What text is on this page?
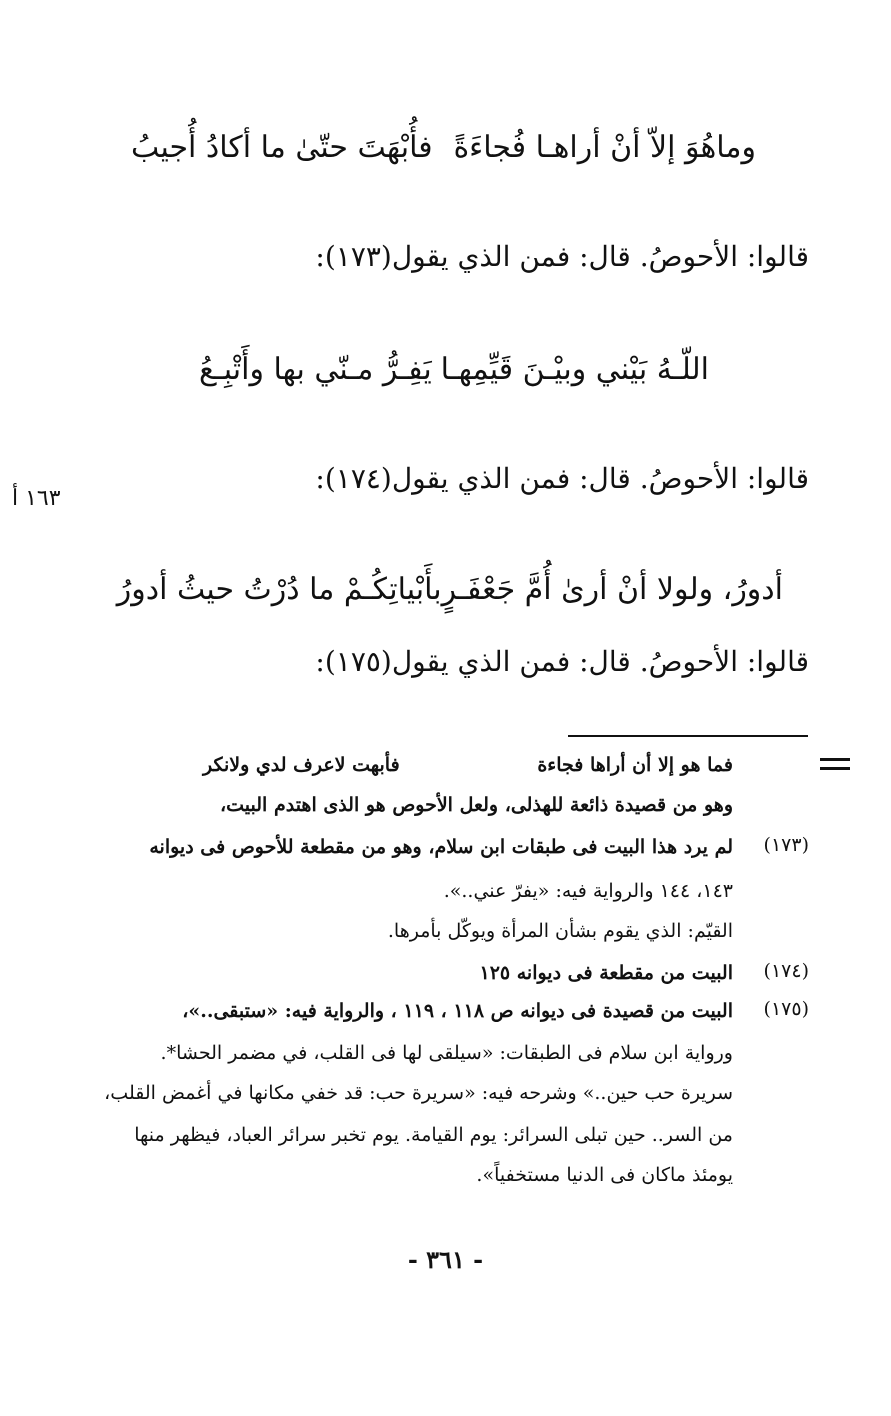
وماهُوَ إلاّ أنْ أراهـا فُجاءَةً
فأُبْهَتَ حتّىٰ ما أكادُ أُجيبُ
قالوا: الأحوصُ. قال: فمن الذي يقول(١٧٣):
اللّـهُ بَيْني وبيْـنَ قَيِّمِهـا
يَفِـرُّ مـنّي بها وأَتْبِـعُ
١٦٣ أ
قالوا: الأحوصُ. قال: فمن الذي يقول(١٧٤):
أدورُ، ولولا أنْ أرىٰ أُمَّ جَعْفَـرٍ
بأَبْياتِكُـمْ ما دُرْتُ حيثُ أدورُ
قالوا: الأحوصُ. قال: فمن الذي يقول(١٧٥):
فما هو إلا أن أراها فجاءة
فأبهت لاعرف لدي ولانكر
وهو من قصيدة ذائعة للهذلى، ولعل الأحوص هو الذى اهتدم البيت،
(١٧٣)
لم يرد هذا البيت فى طبقات ابن سلام، وهو من مقطعة للأحوص فى ديوانه
١٤٣، ١٤٤ والرواية فيه: «يفرّ عني..».
القيّم: الذي يقوم بشأن المرأة ويوكّل بأمرها.
(١٧٤)
البيت من مقطعة فى ديوانه ١٢٥
(١٧٥)
البيت من قصيدة فى ديوانه ص ١١٨ ، ١١٩ ، والرواية فيه: «ستبقى..»،
ورواية ابن سلام فى الطبقات: «سيلقى لها فى القلب، في مضمر الحشا*.
سريرة حب حين..» وشرحه فيه: «سريرة حب: قد خفي مكانها في أغمض القلب،
من السر.. حين تبلى السرائر: يوم القيامة. يوم تخبر سرائر العباد، فيظهر منها
يومئذ ماكان فى الدنيا مستخفياً».
- ٣٦١ -
